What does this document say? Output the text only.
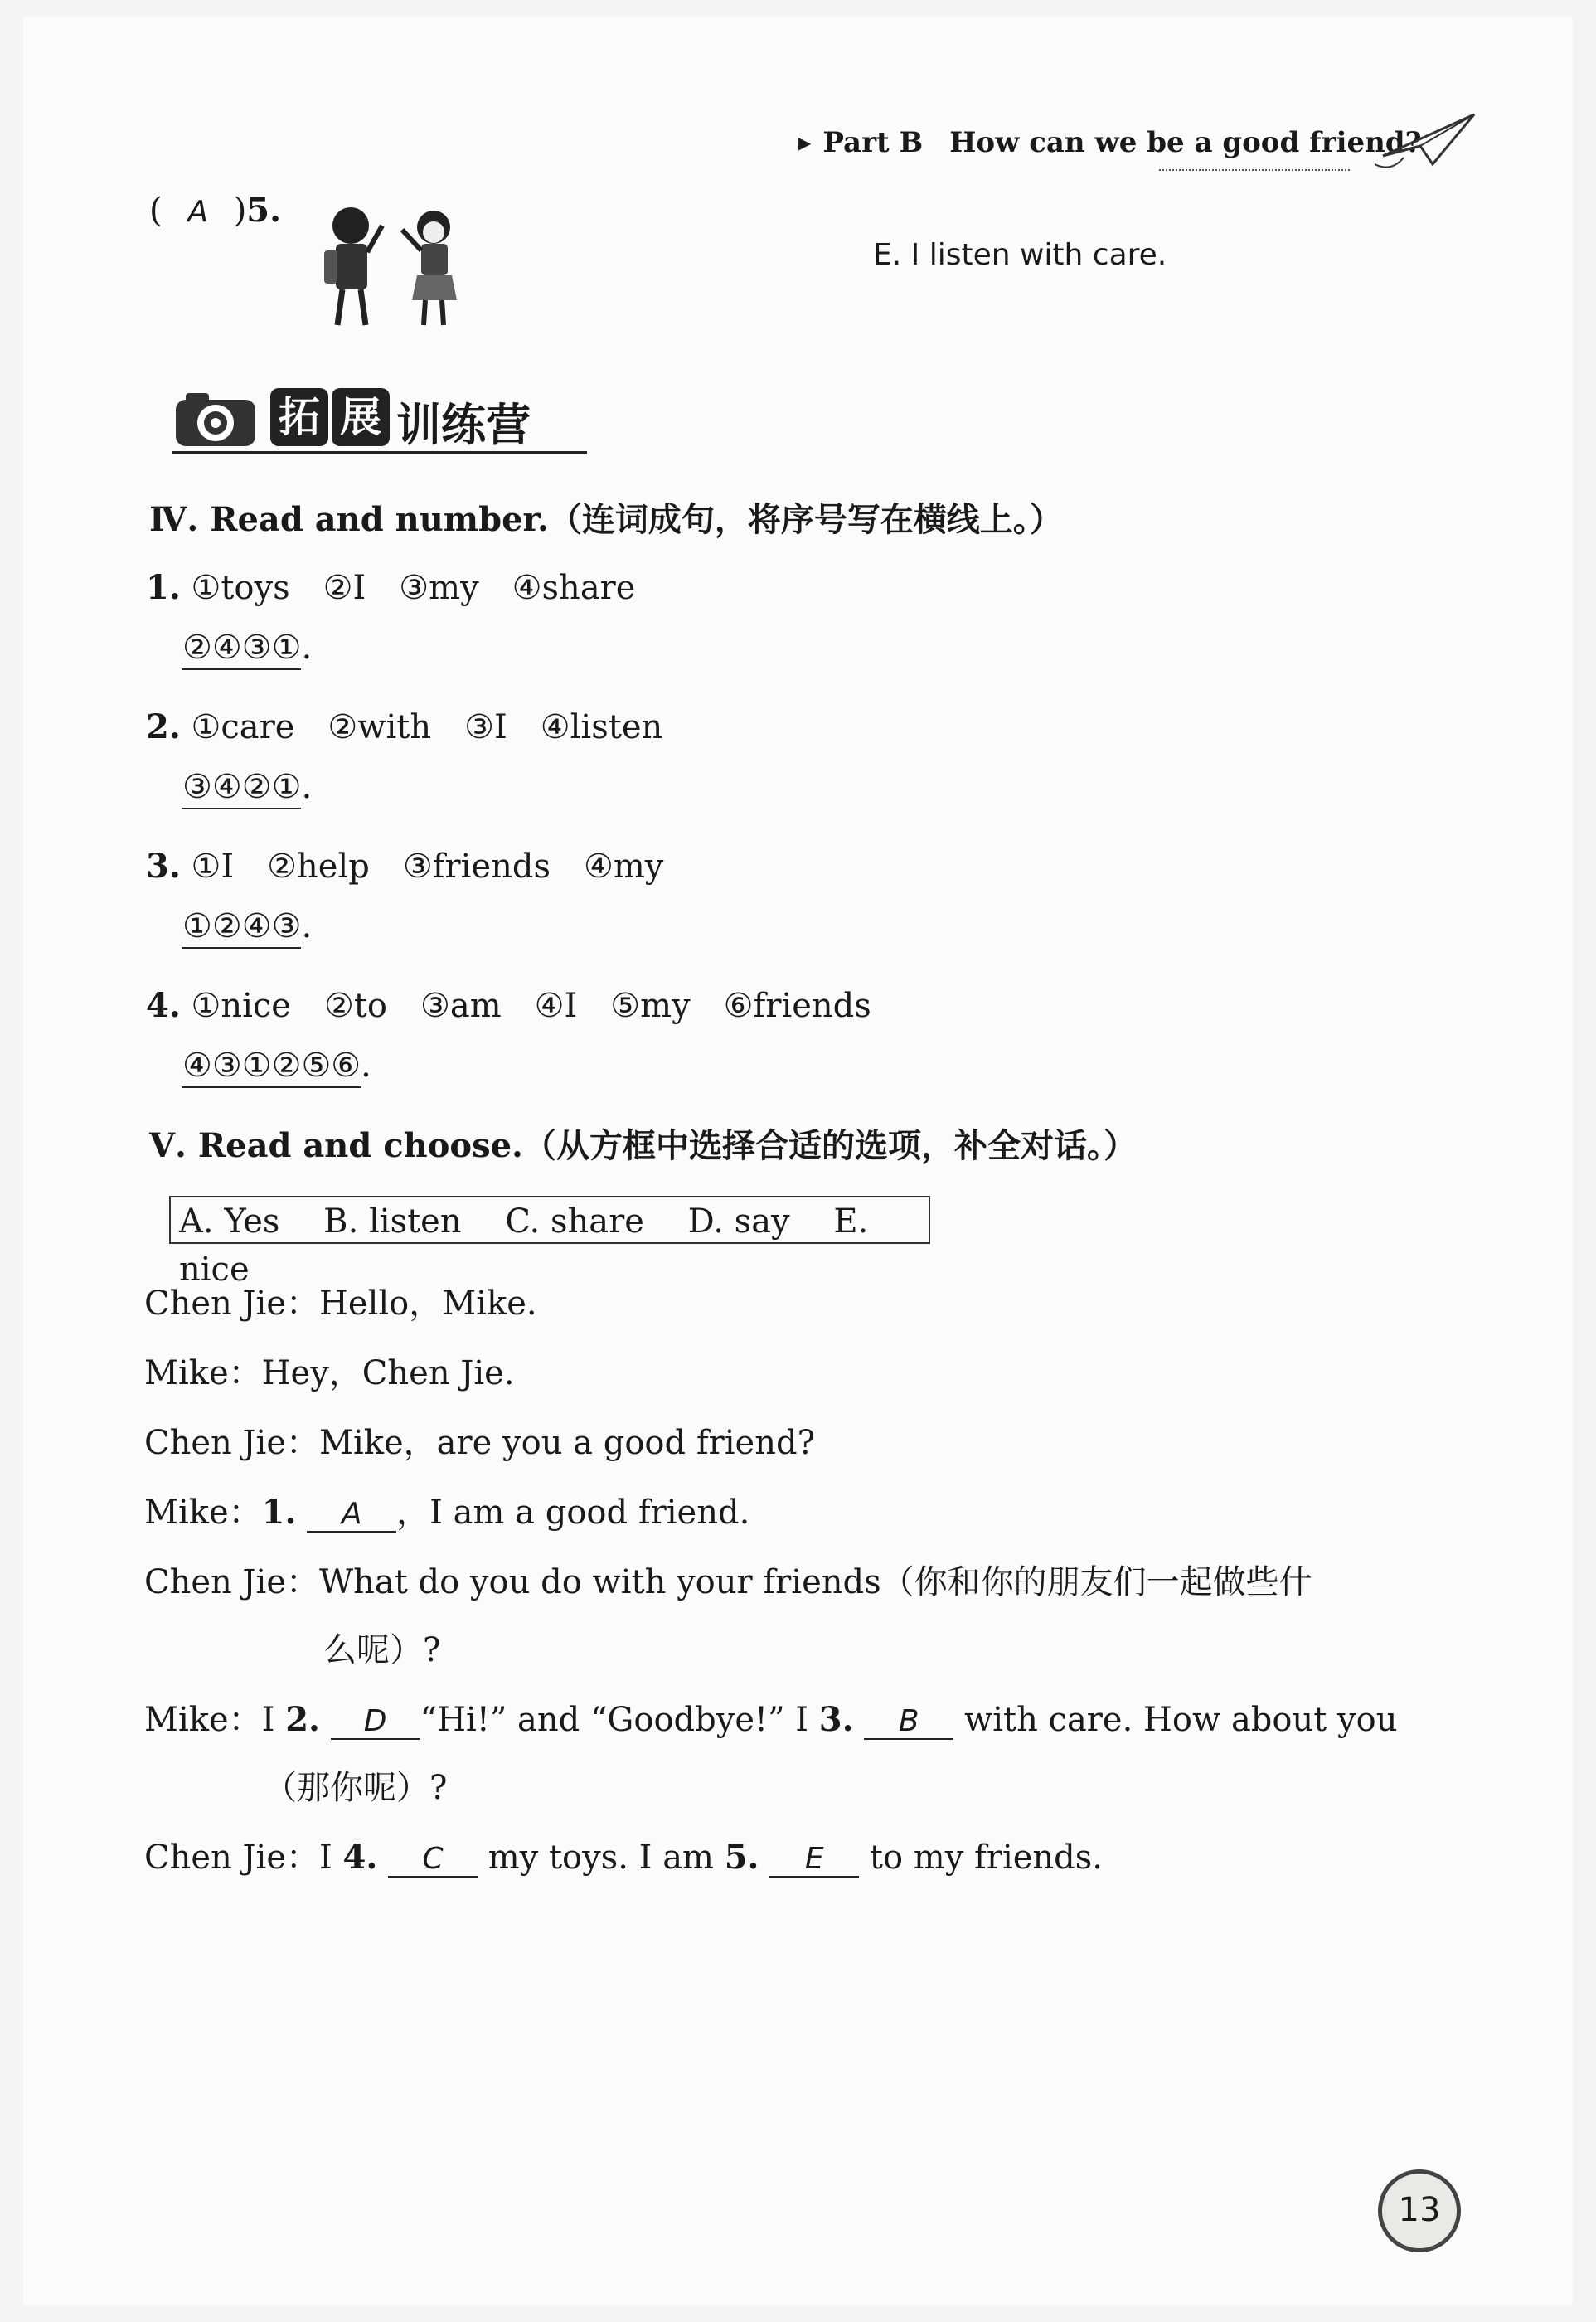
▶ Part B How can we be a good friend?
( A )5.
E. I listen with care.
拓 展 训练营
Ⅳ. Read and number.（连词成句，将序号写在横线上。）
1. ①toys　②I　③my　④share
②④③①.
2. ①care　②with　③I　④listen
③④②①.
3. ①I　②help　③friends　④my
①②④③.
4. ①nice　②to　③am　④I　⑤my　⑥friends
④③①②⑤⑥.
Ⅴ. Read and choose.（从方框中选择合适的选项，补全对话。）
A. Yes B. listen C. share D. say E. nice
Chen Jie：Hello，Mike.
Mike：Hey，Chen Jie.
Chen Jie：Mike，are you a good friend?
Mike：1. A ，I am a good friend.
Chen Jie：What do you do with your friends（你和你的朋友们一起做些什
么呢）?
Mike：I 2. D “Hi!” and “Goodbye!” I 3. B with care. How about you
（那你呢）?
Chen Jie：I 4. C my toys. I am 5. E to my friends.
13
